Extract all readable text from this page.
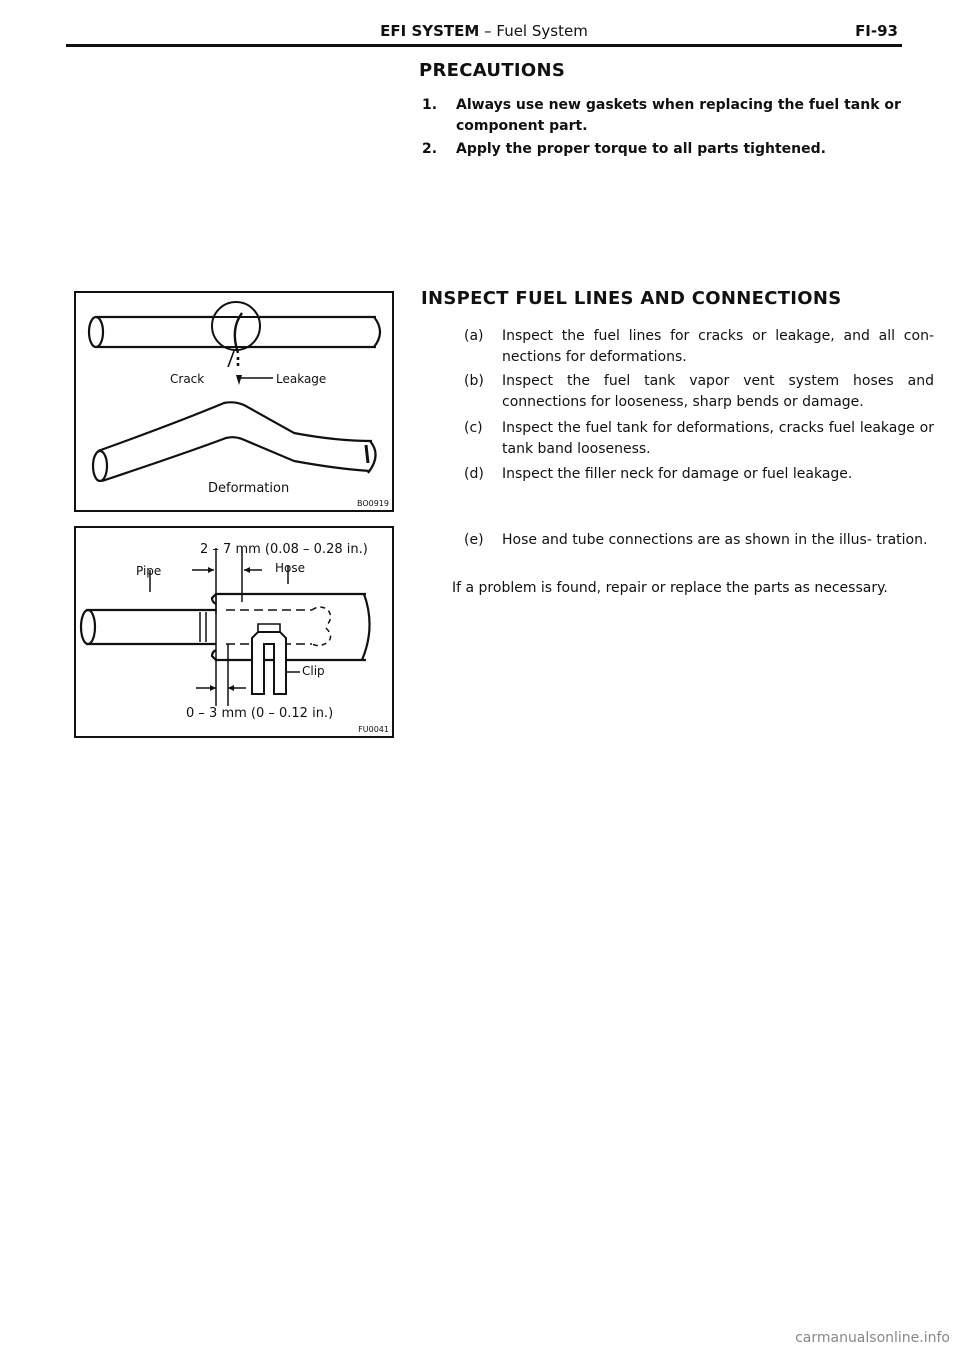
EFI SYSTEM – Fuel System	FI-93
PRECAUTIONS
1. Always use new gaskets when replacing the fuel tank or component part.
2. Apply the proper torque to all parts tightened.
INSPECT FUEL LINES AND CONNECTIONS
(a) Inspect the fuel lines for cracks or leakage, and all con- nections for deformations.
(b) Inspect the fuel tank vapor vent system hoses and connections for looseness, sharp bends or damage.
(c) Inspect the fuel tank for deformations, cracks fuel leakage or tank band looseness.
(d) Inspect the filler neck for damage or fuel leakage.
(e) Hose and tube connections are as shown in the illus- tration.
If a problem is found, repair or replace the parts as necessary.
Crack	Leakage
Deformation
BO0919
2 – 7 mm (0.08 – 0.28 in.)
Pipe	Hose
Clip
0 – 3 mm (0 – 0.12 in.)
FU0041
carmanualsonline.info
